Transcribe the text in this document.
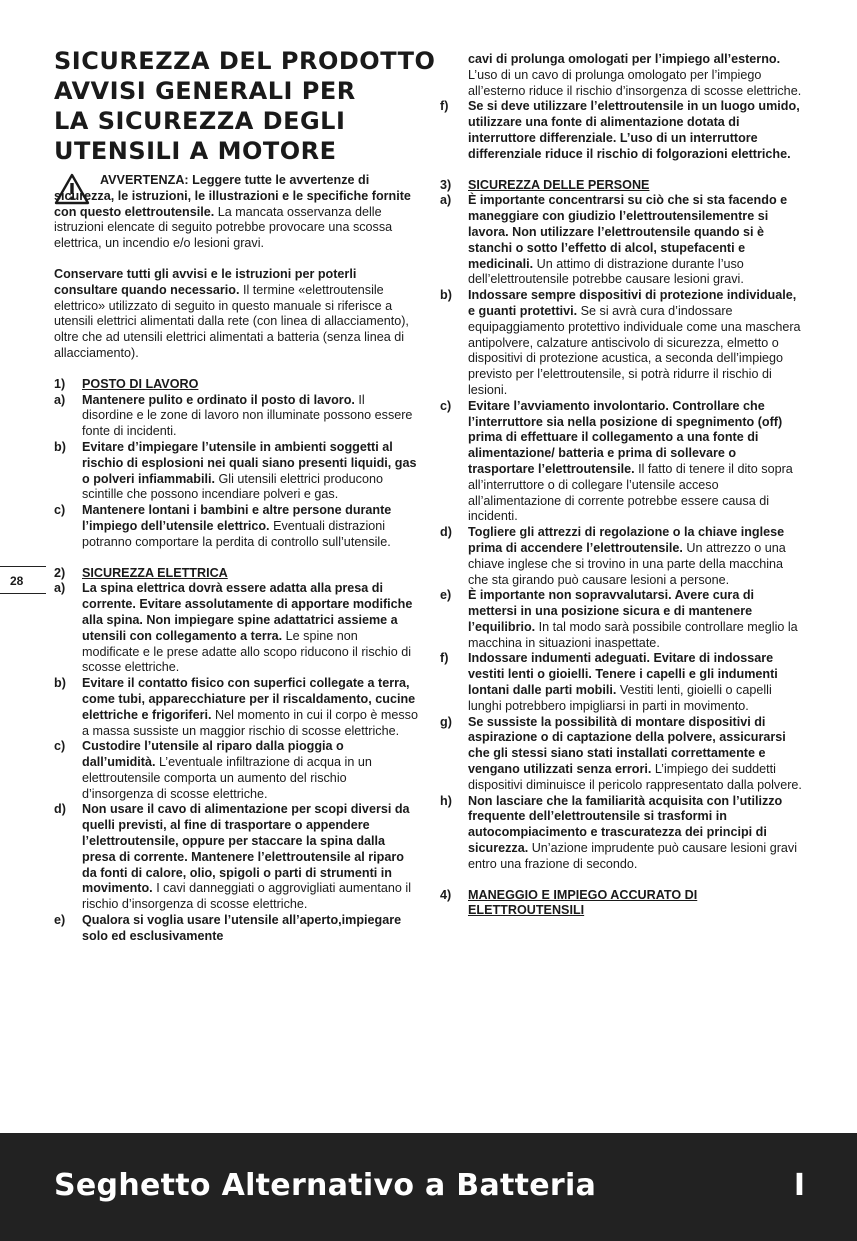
SICUREZZA DEL PRODOTTO
AVVISI GENERALI PER
LA SICUREZZA DEGLI
UTENSILI A MOTORE

AVVERTENZA: Leggere tutte le avvertenze di sicurezza, le istruzioni, le illustrazioni e le specifiche fornite con questo elettroutensile. La mancata osservanza delle istruzioni elencate di seguito potrebbe provocare una scossa elettrica, un incendio e/o lesioni gravi.

Conservare tutti gli avvisi e le istruzioni per poterli consultare quando necessario. Il termine «elettroutensile elettrico» utilizzato di seguito in questo manuale si riferisce a utensili elettrici alimentati dalla rete (con linea di allacciamento), oltre che ad utensili elettrici alimentati a batteria (senza linea di allacciamento).

1)	POSTO DI LAVORO
a)	Mantenere pulito e ordinato il posto di lavoro. Il disordine e le zone di lavoro non illuminate possono essere fonte di incidenti.
b)	Evitare d’impiegare l’utensile in ambienti soggetti al rischio di esplosioni nei quali siano presenti liquidi, gas o polveri infiammabili. Gli utensili elettrici producono scintille che possono incendiare polveri e gas.
c)	Mantenere lontani i bambini e altre persone durante l’impiego dell’utensile elettrico. Eventuali distrazioni potranno comportare la perdita di controllo sull’utensile.
2)	SICUREZZA ELETTRICA
a)	La spina elettrica dovrà essere adatta alla presa di corrente. Evitare assolutamente di apportare modifiche alla spina. Non impiegare spine adattatrici assieme a utensili con collegamento a terra. Le spine non modificate e le prese adatte allo scopo riducono il rischio di scosse elettriche.
b)	Evitare il contatto fisico con superfici collegate a terra, come tubi, apparecchiature per il riscaldamento, cucine elettriche e frigoriferi. Nel momento in cui il corpo è messo a massa sussiste un maggior rischio di scosse elettriche.
c)	Custodire l’utensile al riparo dalla pioggia o dall’umidità. L’eventuale infiltrazione di acqua in un elettroutensile comporta un aumento del rischio d’insorgenza di scosse elettriche.
d)	Non usare il cavo di alimentazione per scopi diversi da quelli previsti, al fine di trasportare o appendere l’elettroutensile, oppure per staccare la spina dalla presa di corrente. Mantenere l’elettroutensile al riparo da fonti di calore, olio, spigoli o parti di strumenti in movimento. I cavi danneggiati o aggrovigliati aumentano il rischio d’insorgenza di scosse elettriche.
e)	Qualora si voglia usare l’utensile all’aperto,impiegare solo ed esclusivamente
cavi di prolunga omologati per l’impiego all’esterno. L’uso di un cavo di prolunga omologato per l’impiego all’esterno riduce il rischio d’insorgenza di scosse elettriche.
f)	Se si deve utilizzare l’elettroutensile in un luogo umido, utilizzare una fonte di alimentazione dotata di interruttore differenziale. L’uso di un interruttore differenziale riduce il rischio di folgorazioni elettriche.
3)	SICUREZZA DELLE PERSONE
a)	È importante concentrarsi su ciò che si sta facendo e maneggiare con giudizio l’elettroutensilementre si lavora. Non utilizzare l’elettroutensile quando si è stanchi o sotto l’effetto di alcol, stupefacenti e medicinali. Un attimo di distrazione durante l’uso dell’elettroutensile potrebbe causare lesioni gravi.
b)	Indossare sempre dispositivi di protezione individuale, e guanti protettivi. Se si avrà cura d’indossare equipaggiamento protettivo individuale come una maschera antipolvere, calzature antiscivolo di sicurezza, elmetto o dispositivi di protezione acustica, a seconda dell’impiego previsto per l’elettroutensile, si potrà ridurre il rischio di lesioni.
c)	Evitare l’avviamento involontario. Controllare che l’interruttore sia nella posizione di spegnimento (off) prima di effettuare il collegamento a una fonte di alimentazione/ batteria e prima di sollevare o trasportare l’elettroutensile. Il fatto di tenere il dito sopra all’interruttore o di collegare l’utensile acceso all’alimentazione di corrente potrebbe essere causa di incidenti.
d)	Togliere gli attrezzi di regolazione o la chiave inglese prima di accendere l’elettroutensile. Un attrezzo o una chiave inglese che si trovino in una parte della macchina che sta girando può causare lesioni a persone.
e)	È importante non sopravvalutarsi. Avere cura di mettersi in una posizione sicura e di mantenere l’equilibrio. In tal modo sarà possibile controllare meglio la macchina in situazioni inaspettate.
f)	Indossare indumenti adeguati. Evitare di indossare vestiti lenti o gioielli. Tenere i capelli e gli indumenti lontani dalle parti mobili. Vestiti lenti, gioielli o capelli lunghi potrebbero impigliarsi in parti in movimento.
g)	Se sussiste la possibilità di montare dispositivi di aspirazione o di captazione della polvere, assicurarsi che gli stessi siano stati installati correttamente e vengano utilizzati senza errori. L’impiego dei suddetti dispositivi diminuisce il pericolo rappresentato dalla polvere.
h)	Non lasciare che la familiarità acquisita con l’utilizzo frequente dell’elettroutensile si trasformi in autocompiacimento e trascuratezza dei principi di sicurezza. Un’azione imprudente può causare lesioni gravi entro una frazione di secondo.
4)	MANEGGIO E IMPIEGO ACCURATO DI ELETTROUTENSILI
28
Seghetto Alternativo a Batteria	I
